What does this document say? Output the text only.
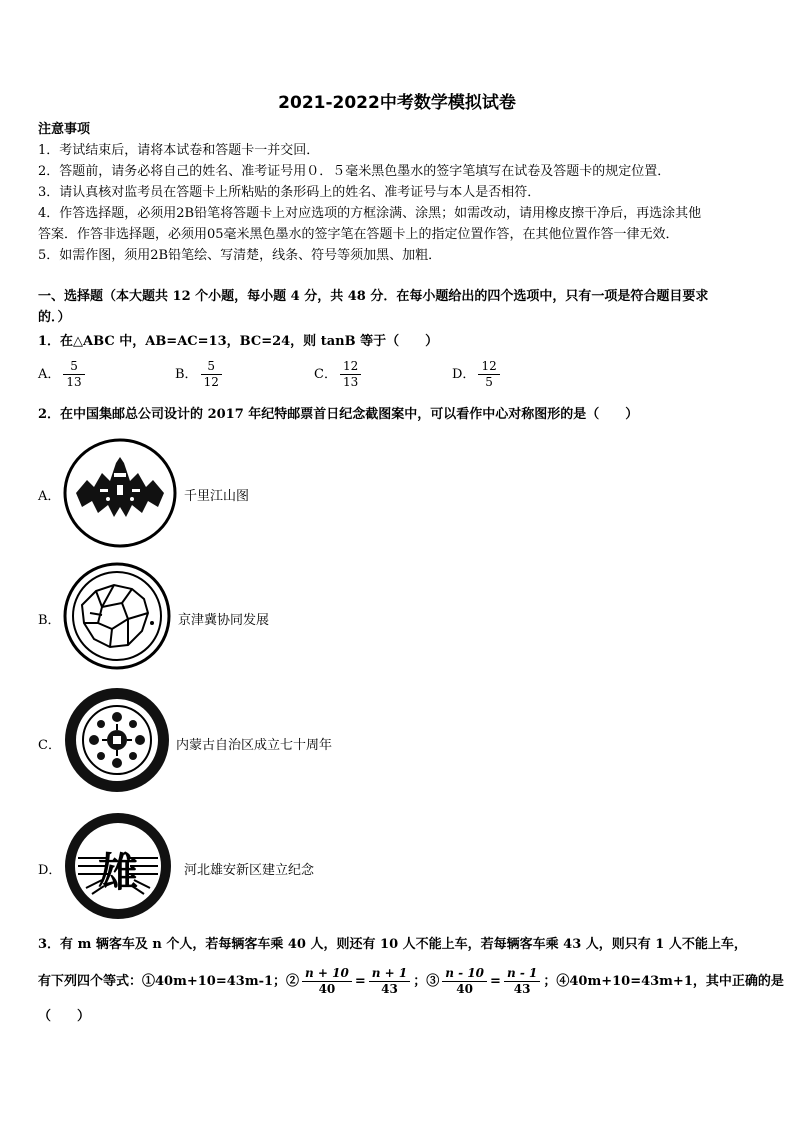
2021-2022中考数学模拟试卷
注意事项
1．考试结束后，请将本试卷和答题卡一并交回．
2．答题前，请务必将自己的姓名、准考证号用０．５毫米黑色墨水的签字笔填写在试卷及答题卡的规定位置．
3．请认真核对监考员在答题卡上所粘贴的条形码上的姓名、准考证号与本人是否相符．
4．作答选择题，必须用2B铅笔将答题卡上对应选项的方框涂满、涂黑；如需改动，请用橡皮擦干净后，再选涂其他
答案．作答非选择题，必须用05毫米黑色墨水的签字笔在答题卡上的指定位置作答，在其他位置作答一律无效．
5．如需作图，须用2B铅笔绘、写清楚，线条、符号等须加黑、加粗．
一、选择题（本大题共 12 个小题，每小题 4 分，共 48 分．在每小题给出的四个选项中，只有一项是符合题目要求
的．）
1．在△ABC 中，AB=AC=13，BC=24，则 tanB 等于（　　）
A． $\frac{5}{13}$	B． $\frac{5}{12}$	C． $\frac{12}{13}$	D． $\frac{12}{5}$
2．在中国集邮总公司设计的 2017 年纪特邮票首日纪念截图案中，可以看作中心对称图形的是（　　）
A．	千里江山图
B．	京津冀协同发展
C．	内蒙古自治区成立七十周年
D． 雄	河北雄安新区建立纪念
3．有 m 辆客车及 n 个人，若每辆客车乘 40 人，则还有 10 人不能上车，若每辆客车乘 43 人，则只有 1 人不能上车，
有下列四个等式：①40m+10=43m-1；② $\frac{n + 10}{40} = \frac{n + 1}{43}$ ；③ $\frac{n - 10}{40} = \frac{n - 1}{43}$ ；④40m+10=43m+1，其中正确的是
（　　）
